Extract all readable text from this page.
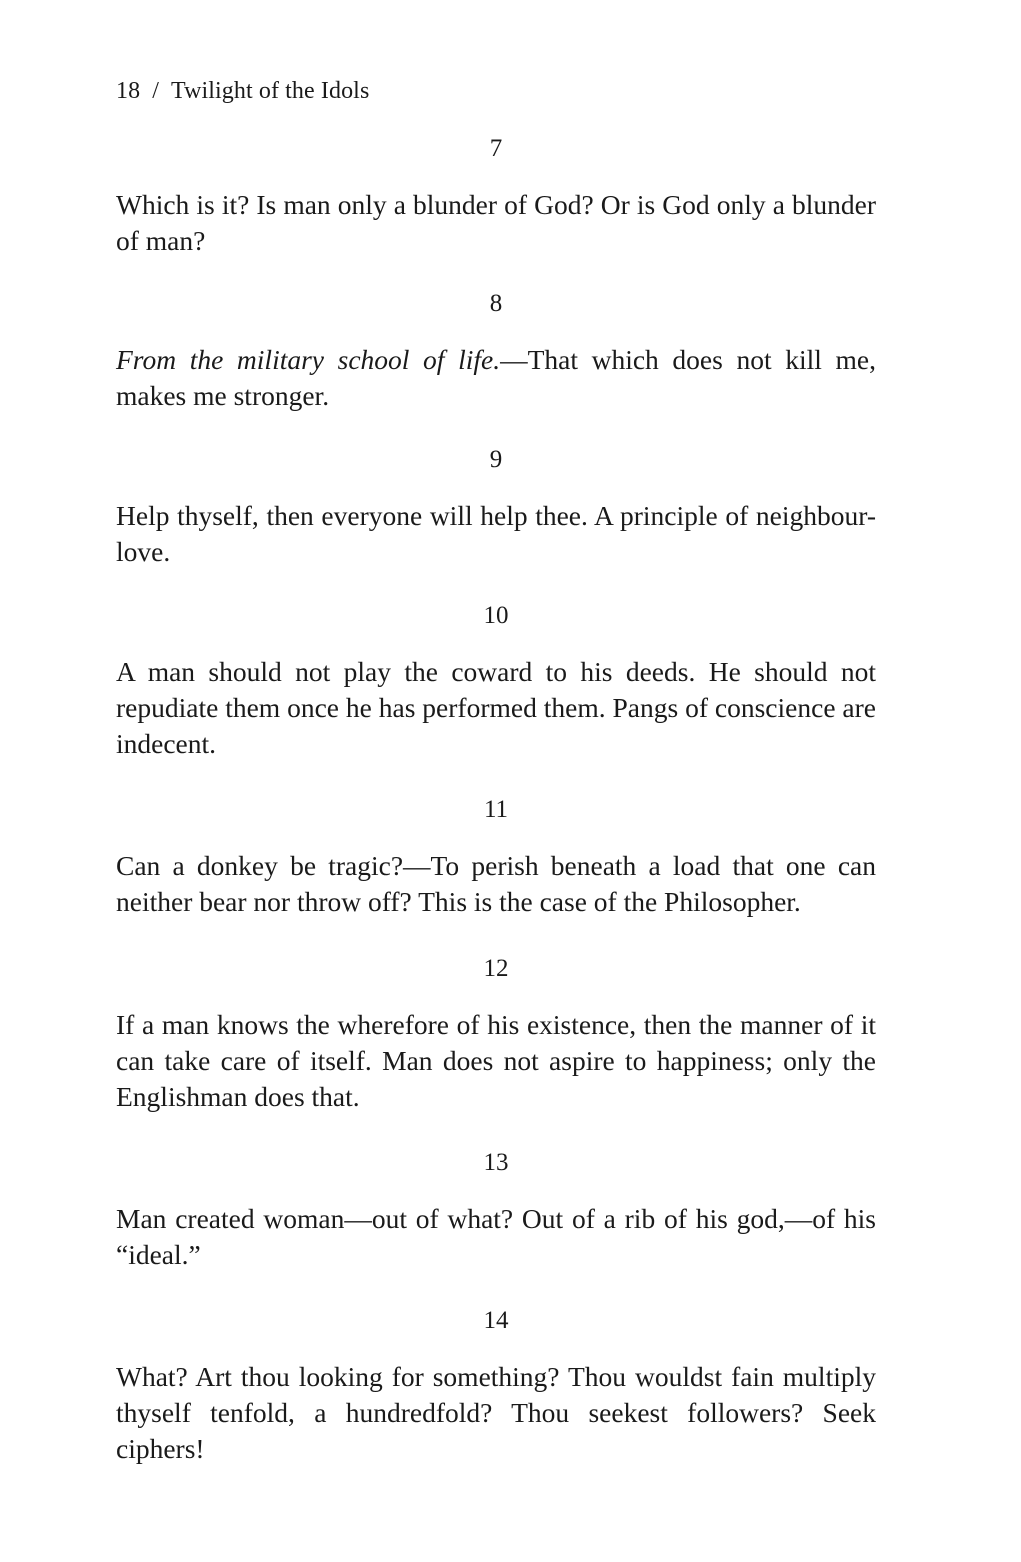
18 / Twilight of the Idols
7

Which is it? Is man only a blunder of God? Or is God only a blunder of man?

8

From the military school of life.—That which does not kill me, makes me stronger.

9

Help thyself, then everyone will help thee. A principle of neighbour-love.

10

A man should not play the coward to his deeds. He should not repudiate them once he has performed them. Pangs of conscience are indecent.

11

Can a donkey be tragic?—To perish beneath a load that one can neither bear nor throw off? This is the case of the Philosopher.

12

If a man knows the wherefore of his existence, then the manner of it can take care of itself. Man does not aspire to happiness; only the Englishman does that.

13

Man created woman—out of what? Out of a rib of his god,—of his “ideal.”

14

What? Art thou looking for something? Thou wouldst fain multiply thyself tenfold, a hundredfold? Thou seekest followers? Seek ciphers!
